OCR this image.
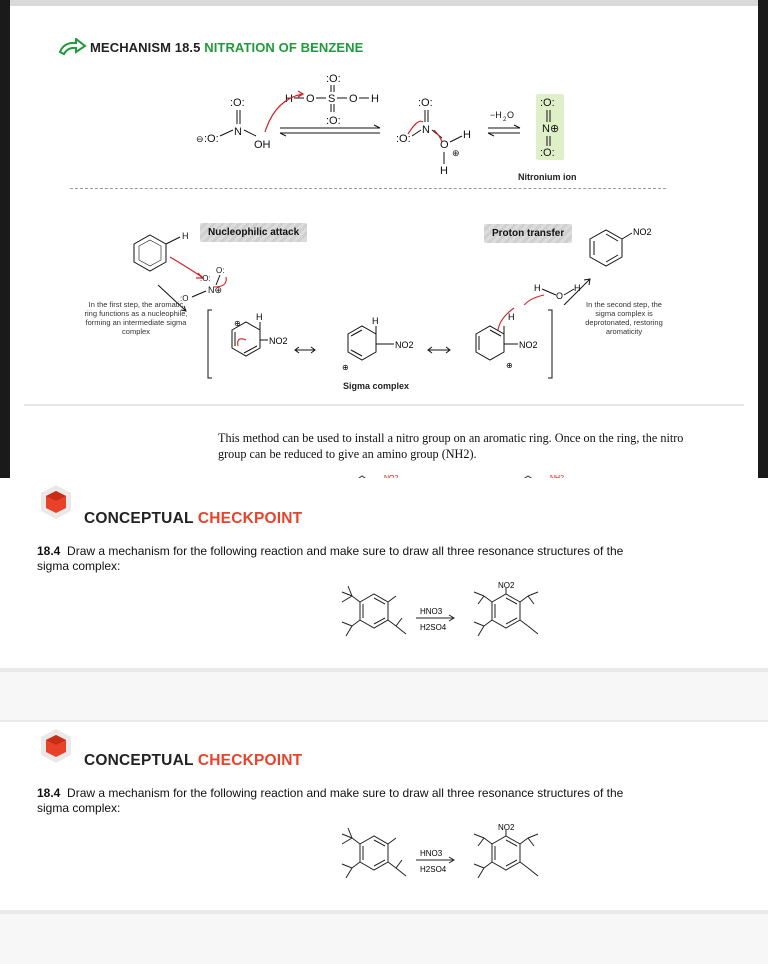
MECHANISM 18.5 NITRATION OF BENZENE
:O:
N
⊖ :O:	OH
H O S O H
:O:
:O:
:O:
N
:O:	O
⊕
H
H
−H 2 O
:O:
N⊕
:O:
Nitronium ion
Nucleophilic attack	Proton transfer
H
:O:
N⊕
:O
O:
In the first step, the aromatic ring functions as a nucleophile, forming an intermediate sigma complex
⊕
H
NO2
⊕
H
NO2
⊕
H
NO2
H
O
H
NO2
In the second step, the sigma complex is deprotonated, restoring aromaticity
Sigma complex
This method can be used to install a nitro group on an aromatic ring. Once on the ring, the nitro group can be reduced to give an amino group (NH2).
CONCEPTUAL CHECKPOINT
18.4 Draw a mechanism for the following reaction and make sure to draw all three resonance structures of the sigma complex:
HNO3
H2SO4
NO2
CONCEPTUAL CHECKPOINT
18.4 Draw a mechanism for the following reaction and make sure to draw all three resonance structures of the sigma complex:
HNO3
H2SO4
NO2
